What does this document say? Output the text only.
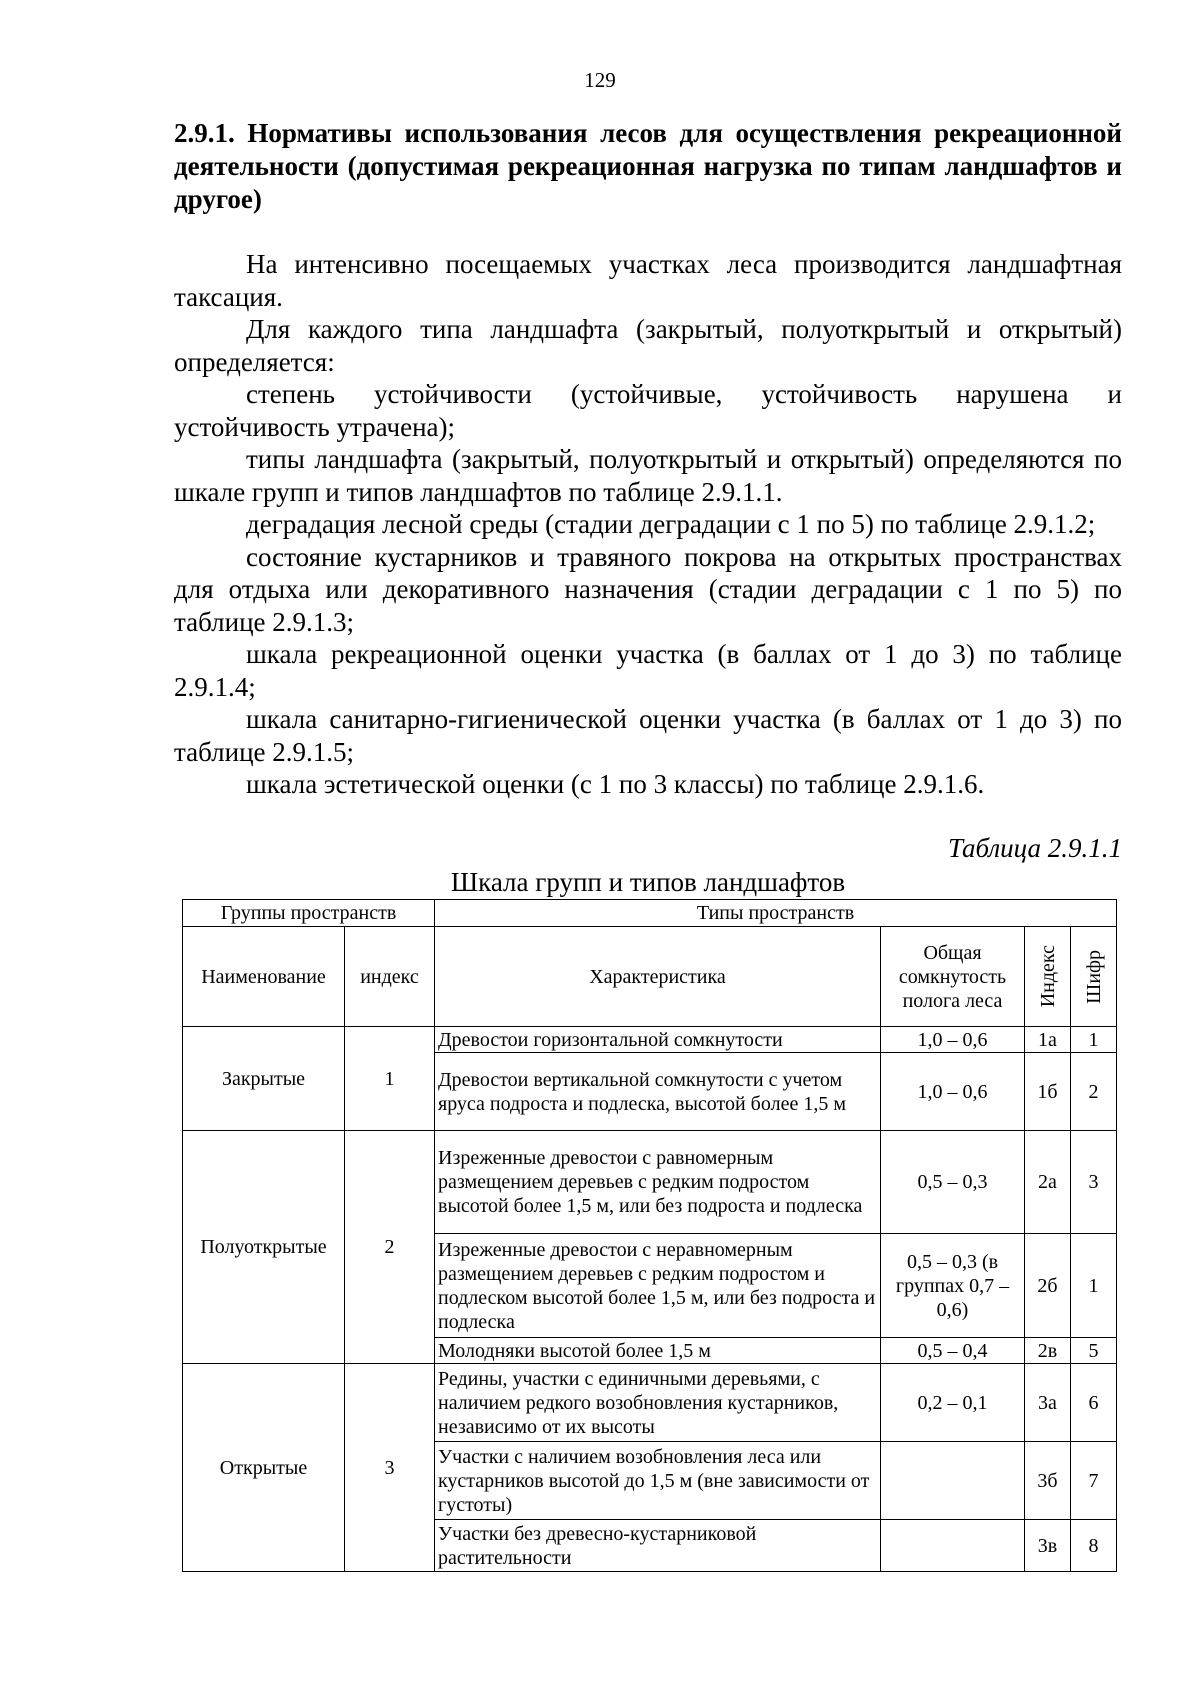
129
2.9.1. Нормативы использования лесов для осуществления рекреационной деятельности (допустимая рекреационная нагрузка по типам ландшафтов и другое)

На интенсивно посещаемых участках леса производится ландшафтная таксация.

Для каждого типа ландшафта (закрытый, полуоткрытый и открытый) определяется:

степень устойчивости (устойчивые, устойчивость нарушена и устойчивость утрачена);

типы ландшафта (закрытый, полуоткрытый и открытый) определяются по шкале групп и типов ландшафтов по таблице 2.9.1.1.

деградация лесной среды (стадии деградации с 1 по 5) по таблице 2.9.1.2;

состояние кустарников и травяного покрова на открытых пространствах для отдыха или декоративного назначения (стадии деградации с 1 по 5) по таблице 2.9.1.3;

шкала рекреационной оценки участка (в баллах от 1 до 3) по таблице 2.9.1.4;

шкала санитарно-гигиенической оценки участка (в баллах от 1 до 3) по таблице 2.9.1.5;

шкала эстетической оценки (с 1 по 3 классы) по таблице 2.9.1.6.

Таблица 2.9.1.1
Шкала групп и типов ландшафтов
Группы пространств		Типы пространств			
Наименование	индекс	Характеристика	Общая сомкнутость полога леса	Индекс	Шифр

Закрытые	1	Древостои горизонтальной сомкнутости	1,0 – 0,6	1а	1
		Древостои вертикальной сомкнутости с учетом яруса подроста и подлеска, высотой более 1,5 м	1,0 – 0,6	1б	2
Полуоткрытые	2	Изреженные древостои с равномерным размещением деревьев с редким подростом высотой более 1,5 м, или без подроста и подлеска	0,5 – 0,3	2а	3
		Изреженные древостои с неравномерным размещением деревьев с редким подростом и подлеском высотой более 1,5 м, или без подроста и подлеска	0,5 – 0,3 (в группах 0,7 – 0,6)	2б	1
		Молодняки высотой более 1,5 м	0,5 – 0,4	2в	5
Открытые	3	Редины, участки с единичными деревьями, с наличием редкого возобновления кустарников, независимо от их высоты	0,2 – 0,1	3а	6
		Участки с наличием возобновления леса или кустарников высотой до 1,5 м (вне зависимости от густоты)		3б	7
		Участки без древесно-кустарниковой растительности		3в	8
